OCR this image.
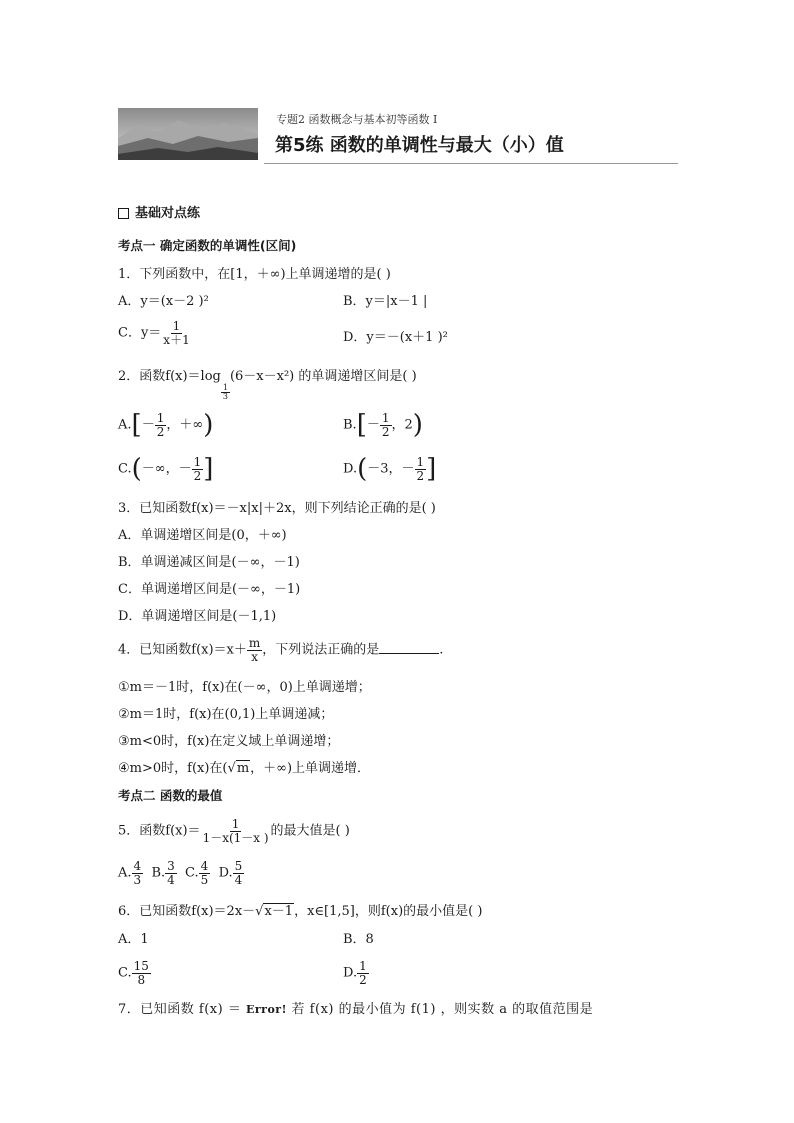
专题2 函数概念与基本初等函数 I
第5练 函数的单调性与最大（小）值
基础对点练
考点一 确定函数的单调性(区间)
1．下列函数中，在[1，＋∞)上单调递增的是( )
A．y＝(x－2 )²	B．y＝|x－1 |
C．$y= \frac{1}{x+1}$	D．y＝－(x＋1 )²
2．函数f(x)＝log
$\frac{1}{3}$
(6－x－x²) 的单调递增区间是( )
$A.[- \frac{1}{2}$ ，＋∞)	$B.[- \frac{1}{2}$ ，2)
C.(－∞，－ $\frac{1}{2}$ ]	D.(－3，－ $\frac{1}{2}$ ]
3．已知函数f(x)＝－x|x|＋2x，则下列结论正确的是( )
A．单调递增区间是(0，＋∞)
B．单调递减区间是(－∞，－1)
C．单调递增区间是(－∞，－1)
D．单调递增区间是(－1,1)
4．已知函数$f(x)=x+ \frac{m}{x}$ ，下列说法正确的是	.
①m＝－1时，f(x)在(－∞，0)上单调递增；
②m＝1时，f(x)在(0,1)上单调递减；
③m<0时，f(x)在定义域上单调递增；
④m>0时，f(x)在(√m，＋∞)上单调递增．
考点二 函数的最值
5．函数$f(x)= \frac{1}{1-x(1-x )}$ 的最大值是( )
A. $\frac{4}{3} B$. $\frac{3}{4} C$. $\frac{4}{5} D$. $\frac{5}{4}$
6．已知函数f(x)＝2x－√x－1，x∈[1,5]，则f(x)的最小值是( )
A．1	B．8
C. $\frac{15}{8}$	D. $\frac{1}{2}$
7．已知函数 f(x) ＝ Error! 若 f(x) 的最小值为 f(1) ，则实数 a 的取值范围是
